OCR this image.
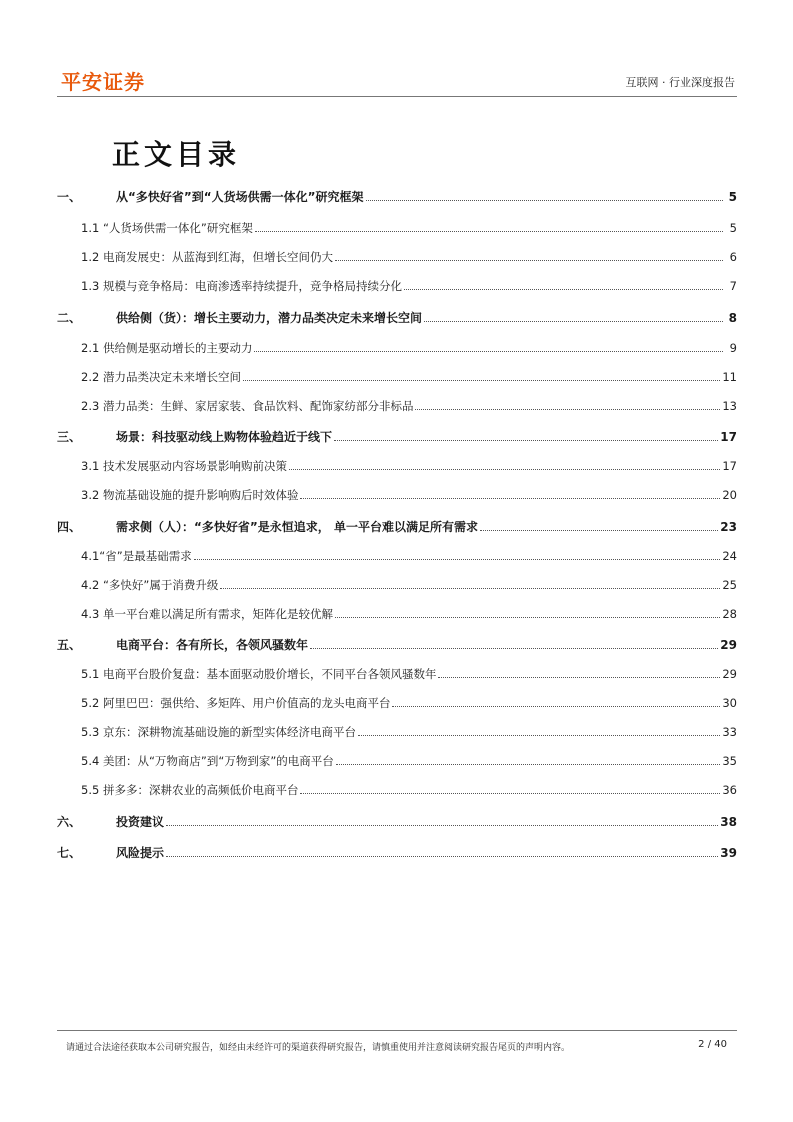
平安证券	互联网 · 行业深度报告
正文目录
一、	从“多快好省”到“人货场供需一体化”研究框架	5
1.1 “人货场供需一体化”研究框架	5
1.2 电商发展史：从蓝海到红海，但增长空间仍大	6
1.3 规模与竞争格局：电商渗透率持续提升，竞争格局持续分化	7
二、	供给侧（货）：增长主要动力，潜力品类决定未来增长空间	8
2.1 供给侧是驱动增长的主要动力	9
2.2 潜力品类决定未来增长空间	11
2.3 潜力品类：生鲜、家居家装、食品饮料、配饰家纺部分非标品	13
三、	场景：科技驱动线上购物体验趋近于线下	17
3.1 技术发展驱动内容场景影响购前决策	17
3.2 物流基础设施的提升影响购后时效体验	20
四、	需求侧（人）：“多快好省”是永恒追求， 单一平台难以满足所有需求	23
4.1“省”是最基础需求	24
4.2 “多快好”属于消费升级	25
4.3 单一平台难以满足所有需求，矩阵化是较优解	28
五、	电商平台：各有所长，各领风骚数年	29
5.1 电商平台股价复盘：基本面驱动股价增长，不同平台各领风骚数年	29
5.2 阿里巴巴：强供给、多矩阵、用户价值高的龙头电商平台	30
5.3 京东：深耕物流基础设施的新型实体经济电商平台	33
5.4 美团：从“万物商店”到“万物到家”的电商平台	35
5.5 拼多多：深耕农业的高频低价电商平台	36
六、	投资建议	38
七、	风险提示	39
请通过合法途径获取本公司研究报告，如经由未经许可的渠道获得研究报告，请慎重使用并注意阅读研究报告尾页的声明内容。	2 / 40
